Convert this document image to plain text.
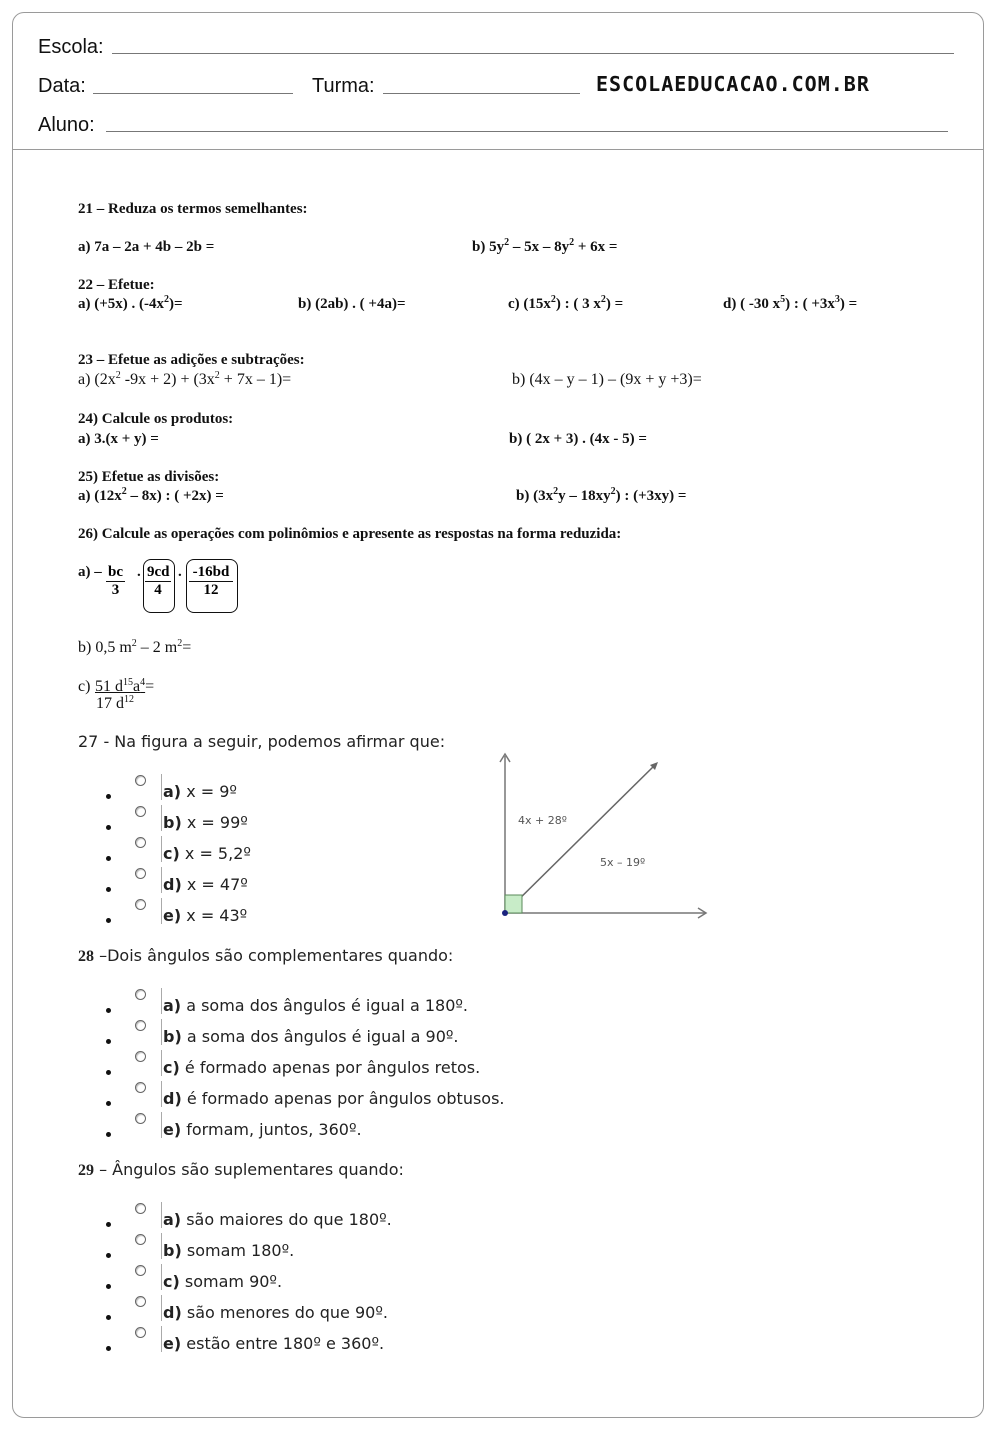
Escola:
Data:	Turma:	ESCOLAEDUCACAO.COM.BR
Aluno:
21 – Reduza os termos semelhantes:
a) 7a – 2a + 4b – 2b =	b) $5y^2 - 5x - 8y^2 + 6x$ =
22 – Efetue:
a) (+5x) . $(-4x^2)=$	b) (2ab) . ( +4a)=	c) $(15x^2)$ : ( 3 $x^2$) =	d) ( -30 $x^5$) : ( $+3x^3$) =
23 – Efetue as adições e subtrações:
a) ($2x^2$ $-9x + 2) + (3x^2 + 7x - 1)=$	b) (4x – y – 1) – (9x + y +3)=
24) Calcule os produtos:
a) 3.(x + y) =	b) ( 2x + 3) . (4x - 5) =
25) Efetue as divisões:
a) $(12x^2 - 8x)$ : ( +2x) =	b) $(3x^2y - 18xy^2)$ : (+3xy) =
26) Calcule as operações com polinômios e apresente as respostas na forma reduzida:
$a) - \frac{bc}{3}$ . $\frac{9cd}{4}$ . $\frac{-16bd}{12}$
b) 0,5 $m^2 - 2$ $m^2=$
c) 51 $d^{15}a^4=$
17 $d^{12}$
27 - Na figura a seguir, podemos afirmar que:
a) x = 9º
b) x = 99º
c) x = 5,2º
d) x = 47º
e) x = 43º
4x + 28º
5x – 19º
28 –Dois ângulos são complementares quando:
a) a soma dos ângulos é igual a 180º.
b) a soma dos ângulos é igual a 90º.
c) é formado apenas por ângulos retos.
d) é formado apenas por ângulos obtusos.
e) formam, juntos, 360º.
29 – Ângulos são suplementares quando:
a) são maiores do que 180º.
b) somam 180º.
c) somam 90º.
d) são menores do que 90º.
e) estão entre 180º e 360º.
